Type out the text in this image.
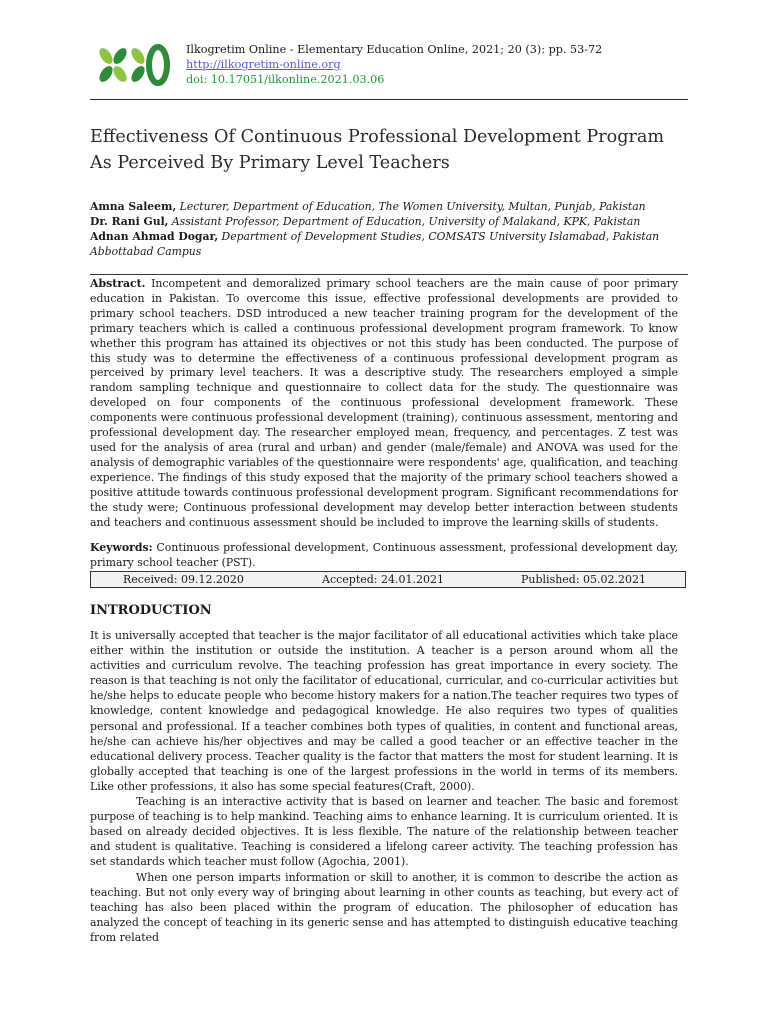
Ilkogretim Online - Elementary Education Online, 2021; 20 (3): pp. 53-72
http://ilkogretim-online.org
doi: 10.17051/ilkonline.2021.03.06
Effectiveness Of Continuous Professional Development Program As Perceived By Primary Level Teachers
Amna Saleem, Lecturer, Department of Education, The Women University, Multan, Punjab, Pakistan
Dr. Rani Gul, Assistant Professor, Department of Education, University of Malakand, KPK, Pakistan
Adnan Ahmad Dogar, Department of Development Studies, COMSATS University Islamabad, Pakistan Abbottabad Campus
Abstract. Incompetent and demoralized primary school teachers are the main cause of poor primary education in Pakistan. To overcome this issue, effective professional developments are provided to primary school teachers. DSD introduced a new teacher training program for the development of the primary teachers which is called a continuous professional development program framework. To know whether this program has attained its objectives or not this study has been conducted. The purpose of this study was to determine the effectiveness of a continuous professional development program as perceived by primary level teachers. It was a descriptive study. The researchers employed a simple random sampling technique and questionnaire to collect data for the study. The questionnaire was developed on four components of the continuous professional development framework. These components were continuous professional development (training), continuous assessment, mentoring and professional development day. The researcher employed mean, frequency, and percentages. Z test was used for the analysis of area (rural and urban) and gender (male/female) and ANOVA was used for the analysis of demographic variables of the questionnaire were respondents' age, qualification, and teaching experience. The findings of this study exposed that the majority of the primary school teachers showed a positive attitude towards continuous professional development program. Significant recommendations for the study were; Continuous professional development may develop better interaction between students and teachers and continuous assessment should be included to improve the learning skills of students.
Keywords: Continuous professional development, Continuous assessment, professional development day, primary school teacher (PST).
Received: 09.12.2020	Accepted: 24.01.2021	Published: 05.02.2021
INTRODUCTION

It is universally accepted that teacher is the major facilitator of all educational activities which take place either within the institution or outside the institution. A teacher is a person around whom all the activities and curriculum revolve. The teaching profession has great importance in every society. The reason is that teaching is not only the facilitator of educational, curricular, and co-curricular activities but he/she helps to educate people who become history makers for a nation.The teacher requires two types of knowledge, content knowledge and pedagogical knowledge. He also requires two types of qualities personal and professional. If a teacher combines both types of qualities, in content and functional areas, he/she can achieve his/her objectives and may be called a good teacher or an effective teacher in the educational delivery process. Teacher quality is the factor that matters the most for student learning. It is globally accepted that teaching is one of the largest professions in the world in terms of its members. Like other professions, it also has some special features(Craft, 2000).

Teaching is an interactive activity that is based on learner and teacher. The basic and foremost purpose of teaching is to help mankind. Teaching aims to enhance learning. It is curriculum oriented. It is based on already decided objectives. It is less flexible. The nature of the relationship between teacher and student is qualitative. Teaching is considered a lifelong career activity. The teaching profession has set standards which teacher must follow (Agochia, 2001).

When one person imparts information or skill to another, it is common to describe the action as teaching. But not only every way of bringing about learning in other counts as teaching, but every act of teaching has also been placed within the program of education. The philosopher of education has analyzed the concept of teaching in its generic sense and has attempted to distinguish educative teaching from related
